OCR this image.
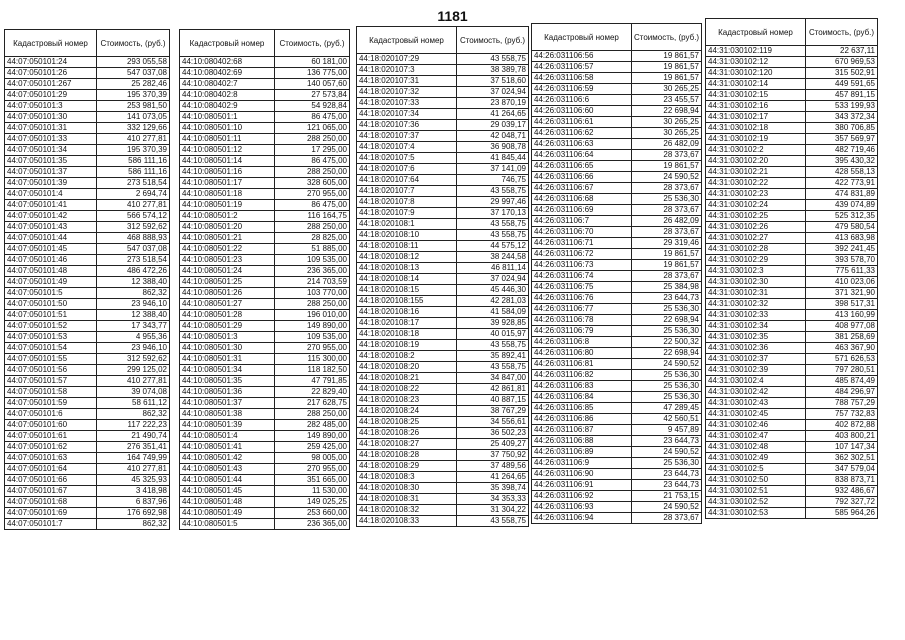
1181
Кадастровый номер	Стоимость, (руб.)
44:07:050101:24	293 055,58
44:07:050101:26	547 037,08
44:07:050101:267	25 282,46
44:07:050101:29	195 370,39
44:07:050101:3	253 981,50
44:07:050101:30	141 073,05
44:07:050101:31	332 129,66
44:07:050101:33	410 277,81
44:07:050101:34	195 370,39
44:07:050101:35	586 111,16
44:07:050101:37	586 111,16
44:07:050101:39	273 518,54
44:07:050101:4	2 694,74
44:07:050101:41	410 277,81
44:07:050101:42	566 574,12
44:07:050101:43	312 592,62
44:07:050101:44	468 888,93
44:07:050101:45	547 037,08
44:07:050101:46	273 518,54
44:07:050101:48	486 472,26
44:07:050101:49	12 388,40
44:07:050101:5	862,32
44:07:050101:50	23 946,10
44:07:050101:51	12 388,40
44:07:050101:52	17 343,77
44:07:050101:53	4 955,36
44:07:050101:54	23 946,10
44:07:050101:55	312 592,62
44:07:050101:56	299 125,02
44:07:050101:57	410 277,81
44:07:050101:58	39 074,08
44:07:050101:59	58 611,12
44:07:050101:6	862,32
44:07:050101:60	117 222,23
44:07:050101:61	21 490,74
44:07:050101:62	276 351,41
44:07:050101:63	164 749,99
44:07:050101:64	410 277,81
44:07:050101:66	45 325,93
44:07:050101:67	3 418,98
44:07:050101:68	6 837,96
44:07:050101:69	176 692,98
44:07:050101:7	862,32
Кадастровый номер	Стоимость, (руб.)
44:10:080402:68	60 181,00
44:10:080402:69	136 775,00
44:10:080402:7	140 057,60
44:10:080402:8	27 573,84
44:10:080402:9	54 928,84
44:10:080501:1	86 475,00
44:10:080501:10	121 065,00
44:10:080501:11	288 250,00
44:10:080501:12	17 295,00
44:10:080501:14	86 475,00
44:10:080501:16	288 250,00
44:10:080501:17	328 605,00
44:10:080501:18	270 955,00
44:10:080501:19	86 475,00
44:10:080501:2	116 164,75
44:10:080501:20	288 250,00
44:10:080501:21	28 825,00
44:10:080501:22	51 885,00
44:10:080501:23	109 535,00
44:10:080501:24	236 365,00
44:10:080501:25	214 703,59
44:10:080501:26	103 770,00
44:10:080501:27	288 250,00
44:10:080501:28	196 010,00
44:10:080501:29	149 890,00
44:10:080501:3	109 535,00
44:10:080501:30	270 955,00
44:10:080501:31	115 300,00
44:10:080501:34	118 182,50
44:10:080501:35	47 791,85
44:10:080501:36	22 829,40
44:10:080501:37	217 628,75
44:10:080501:38	288 250,00
44:10:080501:39	282 485,00
44:10:080501:4	149 890,00
44:10:080501:41	259 425,00
44:10:080501:42	98 005,00
44:10:080501:43	270 955,00
44:10:080501:44	351 665,00
44:10:080501:45	11 530,00
44:10:080501:48	149 025,25
44:10:080501:49	253 660,00
44:10:080501:5	236 365,00
Кадастровый номер	Стоимость, (руб.)
44:18:020107:29	43 558,75
44:18:020107:3	38 389,78
44:18:020107:31	37 518,60
44:18:020107:32	37 024,94
44:18:020107:33	23 870,19
44:18:020107:34	41 264,65
44:18:020107:36	29 039,17
44:18:020107:37	42 048,71
44:18:020107:4	36 908,78
44:18:020107:5	41 845,44
44:18:020107:6	37 141,09
44:18:020107:64	746,75
44:18:020107:7	43 558,75
44:18:020107:8	29 997,46
44:18:020107:9	37 170,13
44:18:020108:1	43 558,75
44:18:020108:10	43 558,75
44:18:020108:11	44 575,12
44:18:020108:12	38 244,58
44:18:020108:13	46 811,14
44:18:020108:14	37 024,94
44:18:020108:15	45 446,30
44:18:020108:155	42 281,03
44:18:020108:16	41 584,09
44:18:020108:17	39 928,85
44:18:020108:18	40 015,97
44:18:020108:19	43 558,75
44:18:020108:2	35 892,41
44:18:020108:20	43 558,75
44:18:020108:21	34 847,00
44:18:020108:22	42 861,81
44:18:020108:23	40 887,15
44:18:020108:24	38 767,29
44:18:020108:25	34 556,61
44:18:020108:26	36 502,23
44:18:020108:27	25 409,27
44:18:020108:28	37 750,92
44:18:020108:29	37 489,56
44:18:020108:3	41 264,65
44:18:020108:30	35 398,74
44:18:020108:31	34 353,33
44:18:020108:32	31 304,22
44:18:020108:33	43 558,75
Кадастровый номер	Стоимость, (руб.)
44:26:031106:56	19 861,57
44:26:031106:57	19 861,57
44:26:031106:58	19 861,57
44:26:031106:59	30 265,25
44:26:031106:6	23 455,57
44:26:031106:60	22 698,94
44:26:031106:61	30 265,25
44:26:031106:62	30 265,25
44:26:031106:63	26 482,09
44:26:031106:64	28 373,67
44:26:031106:65	19 861,57
44:26:031106:66	24 590,52
44:26:031106:67	28 373,67
44:26:031106:68	25 536,30
44:26:031106:69	28 373,67
44:26:031106:7	26 482,09
44:26:031106:70	28 373,67
44:26:031106:71	29 319,46
44:26:031106:72	19 861,57
44:26:031106:73	19 861,57
44:26:031106:74	28 373,67
44:26:031106:75	25 384,98
44:26:031106:76	23 644,73
44:26:031106:77	25 536,30
44:26:031106:78	22 698,94
44:26:031106:79	25 536,30
44:26:031106:8	22 500,32
44:26:031106:80	22 698,94
44:26:031106:81	24 590,52
44:26:031106:82	25 536,30
44:26:031106:83	25 536,30
44:26:031106:84	25 536,30
44:26:031106:85	47 289,45
44:26:031106:86	42 560,51
44:26:031106:87	9 457,89
44:26:031106:88	23 644,73
44:26:031106:89	24 590,52
44:26:031106:9	25 536,30
44:26:031106:90	23 644,73
44:26:031106:91	23 644,73
44:26:031106:92	21 753,15
44:26:031106:93	24 590,52
44:26:031106:94	28 373,67
Кадастровый номер	Стоимость, (руб.)
44:31:030102:119	22 637,11
44:31:030102:12	670 969,53
44:31:030102:120	315 502,91
44:31:030102:14	449 591,65
44:31:030102:15	457 891,15
44:31:030102:16	533 199,93
44:31:030102:17	343 372,34
44:31:030102:18	380 706,85
44:31:030102:19	357 569,97
44:31:030102:2	482 719,46
44:31:030102:20	395 430,32
44:31:030102:21	428 558,13
44:31:030102:22	422 773,91
44:31:030102:23	474 831,89
44:31:030102:24	439 074,89
44:31:030102:25	525 312,35
44:31:030102:26	479 580,54
44:31:030102:27	413 683,98
44:31:030102:28	392 241,45
44:31:030102:29	393 578,70
44:31:030102:3	775 611,33
44:31:030102:30	410 023,06
44:31:030102:31	371 321,90
44:31:030102:32	398 517,31
44:31:030102:33	413 160,99
44:31:030102:34	408 977,08
44:31:030102:35	381 258,69
44:31:030102:36	463 367,90
44:31:030102:37	571 626,53
44:31:030102:39	797 280,51
44:31:030102:4	485 874,49
44:31:030102:42	484 296,97
44:31:030102:43	788 757,29
44:31:030102:45	757 732,83
44:31:030102:46	402 872,88
44:31:030102:47	403 800,21
44:31:030102:48	107 147,34
44:31:030102:49	362 302,51
44:31:030102:5	347 579,04
44:31:030102:50	838 873,71
44:31:030102:51	932 486,67
44:31:030102:52	792 327,72
44:31:030102:53	585 964,26
